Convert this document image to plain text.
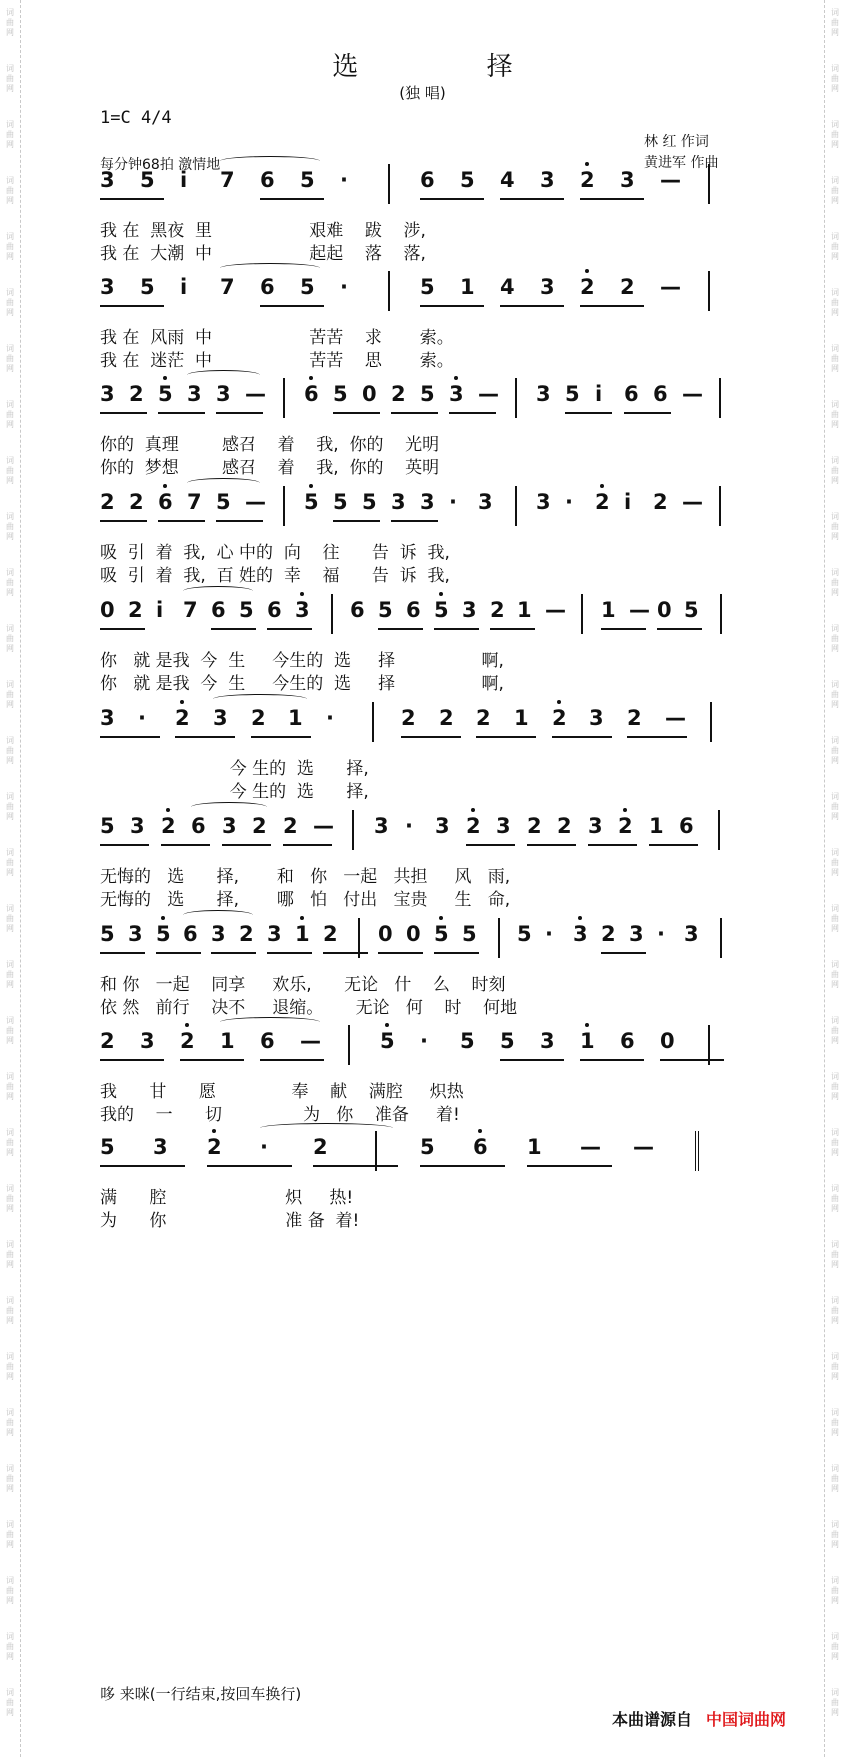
词
曲
网
词
曲
网
词
曲
网
词
曲
网
词
曲
网
词
曲
网
词
曲
网
词
曲
网
词
曲
网
词
曲
网
词
曲
网
词
曲
网
词
曲
网
词
曲
网
词
曲
网
词
曲
网
词
曲
网
词
曲
网
词
曲
网
词
曲
网
词
曲
网
词
曲
网
词
曲
网
词
曲
网
词
曲
网
词
曲
网
词
曲
网
词
曲
网
词
曲
网
词
曲
网
词
曲
网
词
曲
网
词
曲
网
词
曲
网
词
曲
网
词
曲
网
词
曲
网
词
曲
网
词
曲
网
词
曲
网
词
曲
网
词
曲
网
词
曲
网
词
曲
网
词
曲
网
词
曲
网
词
曲
网
词
曲
网
词
曲
网
词
曲
网
词
曲
网
词
曲
网
词
曲
网
词
曲
网
词
曲
网
词
曲
网
词
曲
网
词
曲
网
词
曲
网
词
曲
网
词
曲
网
词
曲
网
选 择
(独 唱)
1=C 4/4
每分钟68拍 激情地
林 红 作词
黄进军 作曲
3 5 i 7 6 5 ·	6 5 4 3 2 3 —
我 在  黑夜  里                  艰难    跋    涉,
我 在  大潮  中                  起起    落    落,
3 5 i 7 6 5 ·	5 1 4 3 2 2 —
我 在  风雨  中                  苦苦    求       索。
我 在  迷茫  中                  苦苦    思       索。
3 2 5 3 3 — 6 5 0 2 5 3 — 3 5 i 6 6 —
你的  真理        感召    着    我,  你的    光明
你的  梦想        感召    着    我,  你的    英明
2 2 6 7 5 — 5 5 5 3 3 · 3 3 · 2 i 2 —
吸  引  着  我,  心 中的  向    往      告  诉  我,
吸  引  着  我,  百 姓的  幸    福      告  诉  我,
0 2 i 7 6 5 6 3 6 5 6 5 3 2 1 — 1 — 0 5
你   就 是我  今  生     今生的  选     择                啊,
你   就 是我  今  生     今生的  选     择                啊,
3 · 2 3 2 1 ·	2 2 2 1 2 3 2 —
今 生的  选      择,
今 生的  选      择,
5 3 2 6 3 2 2 — 3 · 3 2 3 2 2 3 2 1 6
无悔的   选      择,       和   你   一起   共担     风   雨,
无悔的   选      择,       哪   怕   付出   宝贵     生   命,
5 3 5 6 3 2 3 1 2 0 0 5 5 5 · 3 2 3 · 3
和 你   一起    同享     欢乐,      无论   什    么    时刻
依 然   前行    决不     退缩。      无论   何    时    何地
2 3 2 1 6 —	5 · 5 5 3 1 6 0
我      甘      愿              奉    献    满腔     炽热
我的    一      切               为   你    准备     着!
5 3 2 · 2	5 6 1 — —
满      腔                      炽     热!
为      你                      准 备  着!
哆 来咪(一行结束,按回车换行)
本曲谱源自 中国词曲网
